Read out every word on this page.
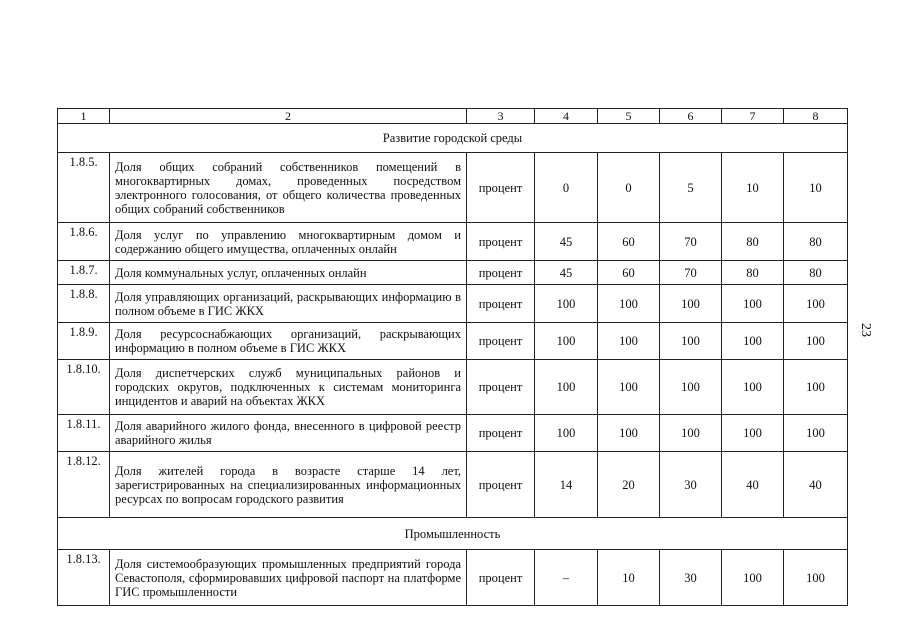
1	2	3	4	5	6	7	8
Развитие городской среды							
1.8.5.	Доля общих собраний собственников помещений в многоквартирных домах, проведенных посредством электронного голосования, от общего количества проведенных общих собраний собственников	процент	0	0	5	10	10
1.8.6.	Доля услуг по управлению многоквартирным домом и содержанию общего имущества, оплаченных онлайн	процент	45	60	70	80	80
1.8.7.	Доля коммунальных услуг, оплаченных онлайн	процент	45	60	70	80	80
1.8.8.	Доля управляющих организаций, раскрывающих информацию в полном объеме в ГИС ЖКХ	процент	100	100	100	100	100
1.8.9.	Доля ресурсоснабжающих организаций, раскрывающих информацию в полном объеме в ГИС ЖКХ	процент	100	100	100	100	100
1.8.10.	Доля диспетчерских служб муниципальных районов и городских округов, подключенных к системам мониторинга инцидентов и аварий на объектах ЖКХ	процент	100	100	100	100	100
1.8.11.	Доля аварийного жилого фонда, внесенного в цифровой реестр аварийного жилья	процент	100	100	100	100	100
1.8.12.	Доля жителей города в возрасте старше 14 лет, зарегистрированных на специализированных информационных ресурсах по вопросам городского развития	процент	14	20	30	40	40
Промышленность							
1.8.13.	Доля системообразующих промышленных предприятий города Севастополя, сформировавших цифровой паспорт на платформе ГИС промышленности	процент	–	10	30	100	100
23
